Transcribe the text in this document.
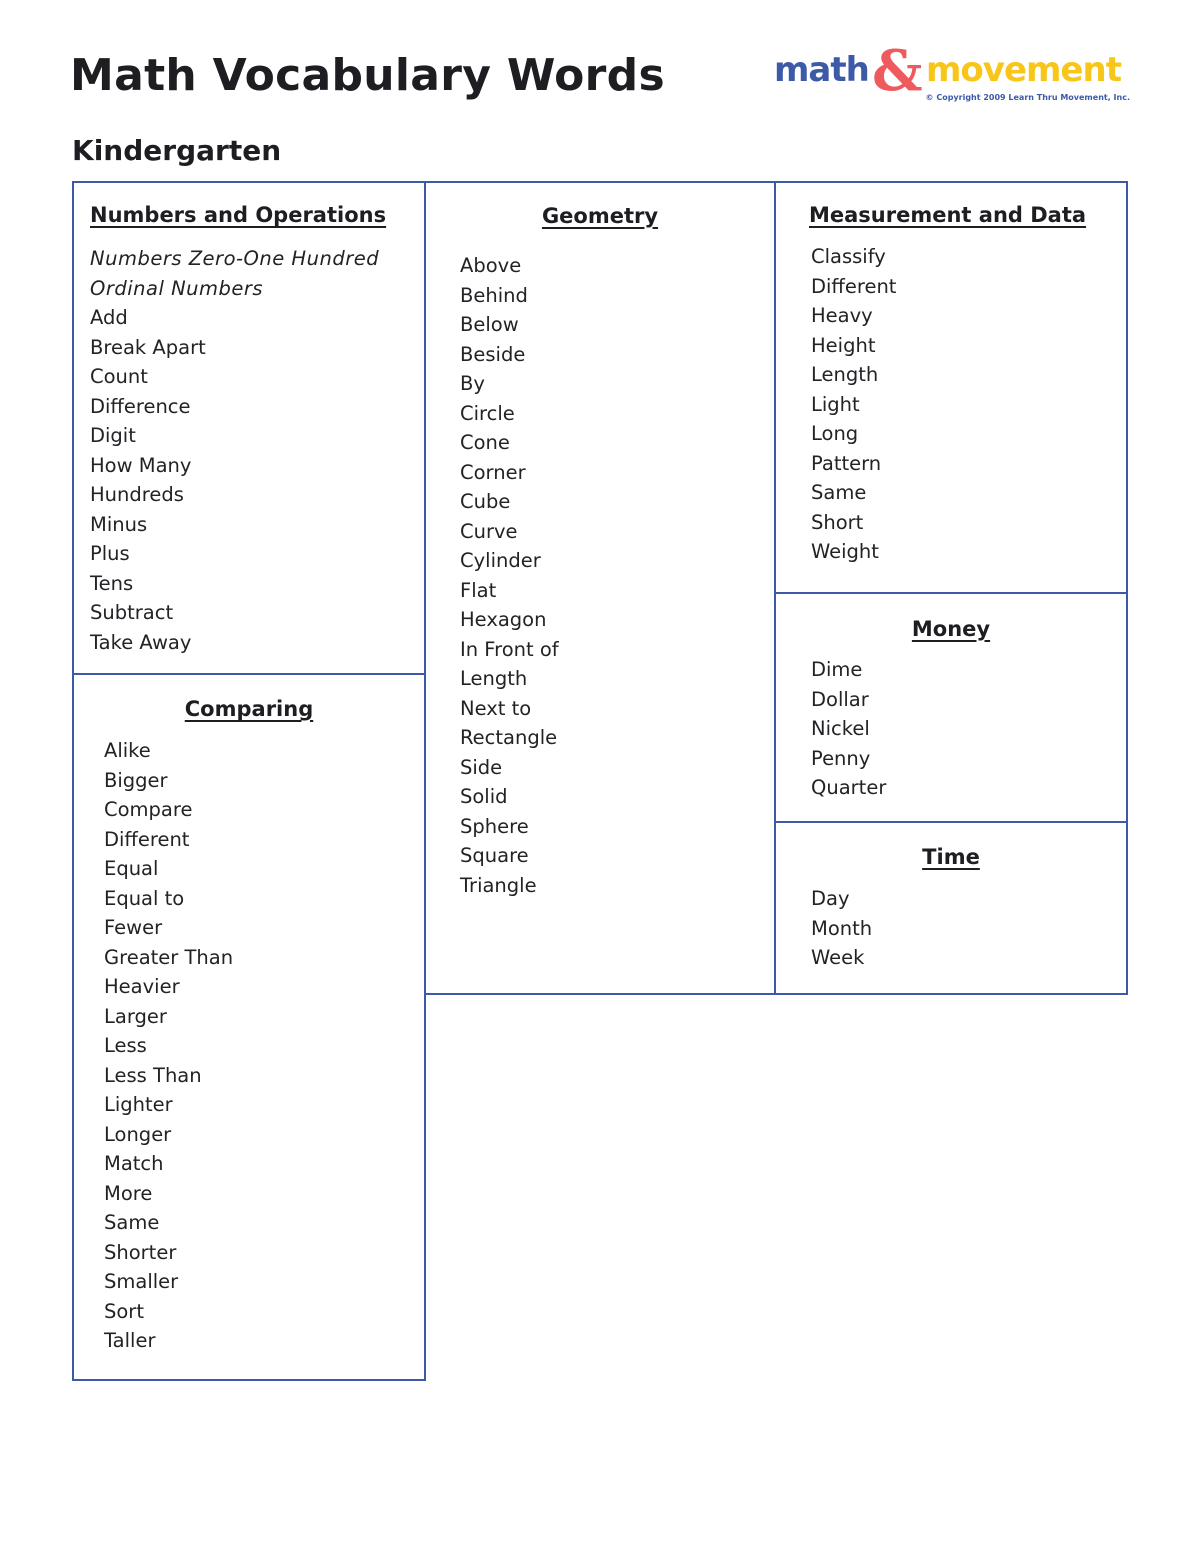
Math Vocabulary Words
Kindergarten
math & movement
© Copyright 2009 Learn Thru Movement, Inc.
Numbers and Operations
Numbers Zero-One Hundred
Ordinal Numbers
Add
Break Apart
Count
Difference
Digit
How Many
Hundreds
Minus
Plus
Tens
Subtract
Take Away
Comparing
Alike
Bigger
Compare
Different
Equal
Equal to
Fewer
Greater Than
Heavier
Larger
Less
Less Than
Lighter
Longer
Match
More
Same
Shorter
Smaller
Sort
Taller
Geometry
Above
Behind
Below
Beside
By
Circle
Cone
Corner
Cube
Curve
Cylinder
Flat
Hexagon
In Front of
Length
Next to
Rectangle
Side
Solid
Sphere
Square
Triangle
Measurement and Data
Classify
Different
Heavy
Height
Length
Light
Long
Pattern
Same
Short
Weight
Money
Dime
Dollar
Nickel
Penny
Quarter
Time
Day
Month
Week
